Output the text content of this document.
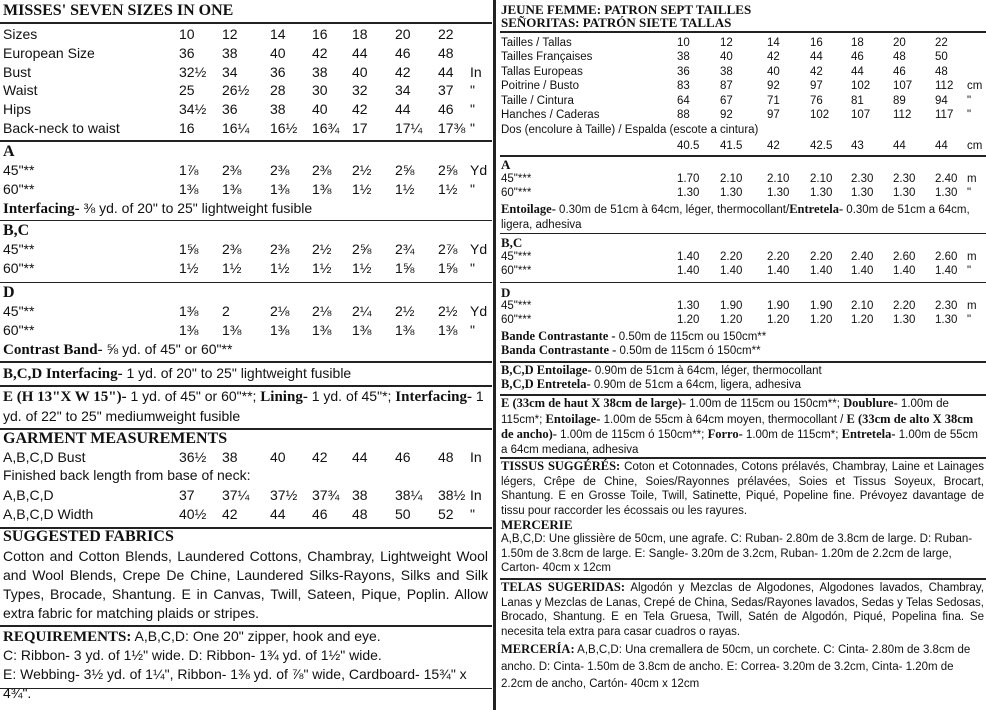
MISSES' SEVEN SIZES IN ONE
Sizes	10 12 14 16 18 20 22
European Size	36 38 40 42 44 46 48
Bust	32½ 34 36 38 40 42 44 In
Waist	25 26½ 28 30 32 34 37 "
Hips	34½ 36 38 40 42 44 46 "
Back-neck to waist	16 16¼ 16½ 16¾ 17 17¼ 17⅜ "
A
45"**	1⅞ 2⅜ 2⅜ 2⅜ 2½ 2⅝ 2⅝ Yd
60"**	1⅜ 1⅜ 1⅜ 1⅜ 1½ 1½ 1½ "
Interfacing- ⅜ yd. of 20" to 25" lightweight fusible
B,C
45"**	1⅝ 2⅜ 2⅜ 2½ 2⅝ 2¾ 2⅞ Yd
60"**	1½ 1½ 1½ 1½ 1½ 1⅝ 1⅝ "
D
45"**	1⅜ 2	2⅛ 2⅛ 2¼ 2½ 2½ Yd
60"**	1⅜ 1⅜ 1⅜ 1⅜ 1⅜ 1⅜ 1⅜ "
Contrast Band- ⅝ yd. of 45" or 60"**
B,C,D Interfacing- 1 yd. of 20" to 25" lightweight fusible
E (H 13"X W 15")- 1 yd. of 45" or 60"**; Lining- 1 yd. of 45"*; Interfacing- 1 yd. of 22" to 25" mediumweight fusible
GARMENT MEASUREMENTS
A,B,C,D Bust	36½ 38 40 42 44 46 48 In
Finished back length from base of neck:
A,B,C,D	37 37¼ 37½ 37¾ 38 38¼ 38½ In
A,B,C,D Width	40½ 42 44 46 48 50 52 "
SUGGESTED FABRICS
Cotton and Cotton Blends, Laundered Cottons, Chambray, Lightweight Wool and Wool Blends, Crepe De Chine, Laundered Silks-Rayons, Silks and Silk Types, Brocade, Shantung. E in Canvas, Twill, Sateen, Pique, Poplin. Allow extra fabric for matching plaids or stripes.
REQUIREMENTS: A,B,C,D: One 20" zipper, hook and eye.
C: Ribbon- 3 yd. of 1½" wide. D: Ribbon- 1¾ yd. of 1½" wide.
E: Webbing- 3½ yd. of 1¼", Ribbon- 1⅜ yd. of ⅞" wide, Cardboard- 15¾" x 4¾".
JEUNE FEMME: PATRON SEPT TAILLES
SEÑORITAS: PATRÓN SIETE TALLAS
Tailles / Tallas	10	12	14	16 18	20	22
Tailles Françaises	38	40	42	44 46	48	50
Tallas Europeas	36	38	40	42 44	46	48
Poitrine / Busto	83	87	92	97 102 107 112 cm
Taille / Cintura	64	67	71	76 81	89	94 "
Hanches / Caderas	88	92	97	102 107 112 117 "
Dos (encolure à Taille) / Espalda (escote a cintura)
40.5 41.5 42	42.5 43	44	44 cm
A
45"***	1.70 2.10 2.10 2.10 2.30 2.30 2.40 m
60"***	1.30 1.30 1.30 1.30 1.30 1.30 1.30 "
Entoilage- 0.30m de 51cm à 64cm, léger, thermocollant/Entretela- 0.30m de 51cm a 64cm, ligera, adhesiva
B,C
45"***	1.40 2.20 2.20 2.20 2.40 2.60 2.60 m
60"***	1.40 1.40 1.40 1.40 1.40 1.40 1.40 "
D
45"***	1.30 1.90 1.90 1.90 2.10 2.20 2.30 m
60"***	1.20 1.20 1.20 1.20 1.20 1.30 1.30 "
Bande Contrastante - 0.50m de 115cm ou 150cm**
Banda Contrastante - 0.50m de 115cm ó 150cm**
B,C,D Entoilage- 0.90m de 51cm à 64cm, léger, thermocollant
B,C,D Entretela- 0.90m de 51cm a 64cm, ligera, adhesiva
E (33cm de haut X 38cm de large)- 1.00m de 115cm ou 150cm**; Doublure- 1.00m de 115cm*; Entoilage- 1.00m de 55cm à 64cm moyen, thermocollant / E (33cm de alto X 38cm de ancho)- 1.00m de 115cm ó 150cm**; Forro- 1.00m de 115cm*; Entretela- 1.00m de 55cm a 64cm mediana, adhesiva
TISSUS SUGGÉRÉS: Coton et Cotonnades, Cotons prélavés, Chambray, Laine et Lainages légers, Crêpe de Chine, Soies/Rayonnes prélavées, Soies et Tissus Soyeux, Brocart, Shantung. E en Grosse Toile, Twill, Satinette, Piqué, Popeline fine. Prévoyez davantage de tissu pour raccorder les écossais ou les rayures.
MERCERIE
A,B,C,D: Une glissière de 50cm, une agrafe. C: Ruban- 2.80m de 3.8cm de large. D: Ruban- 1.50m de 3.8cm de large. E: Sangle- 3.20m de 3.2cm, Ruban- 1.20m de 2.2cm de large, Carton- 40cm x 12cm
TELAS SUGERIDAS: Algodón y Mezclas de Algodones, Algodones lavados, Chambray, Lanas y Mezclas de Lanas, Crepé de China, Sedas/Rayones lavados, Sedas y Telas Sedosas, Brocado, Shantung. E en Tela Gruesa, Twill, Satén de Algodón, Piqué, Popelina fina. Se necesita tela extra para casar cuadros o rayas.
MERCERÍA: A,B,C,D: Una cremallera de 50cm, un corchete. C: Cinta- 2.80m de 3.8cm de ancho. D: Cinta- 1.50m de 3.8cm de ancho. E: Correa- 3.20m de 3.2cm, Cinta- 1.20m de 2.2cm de ancho, Cartón- 40cm x 12cm
